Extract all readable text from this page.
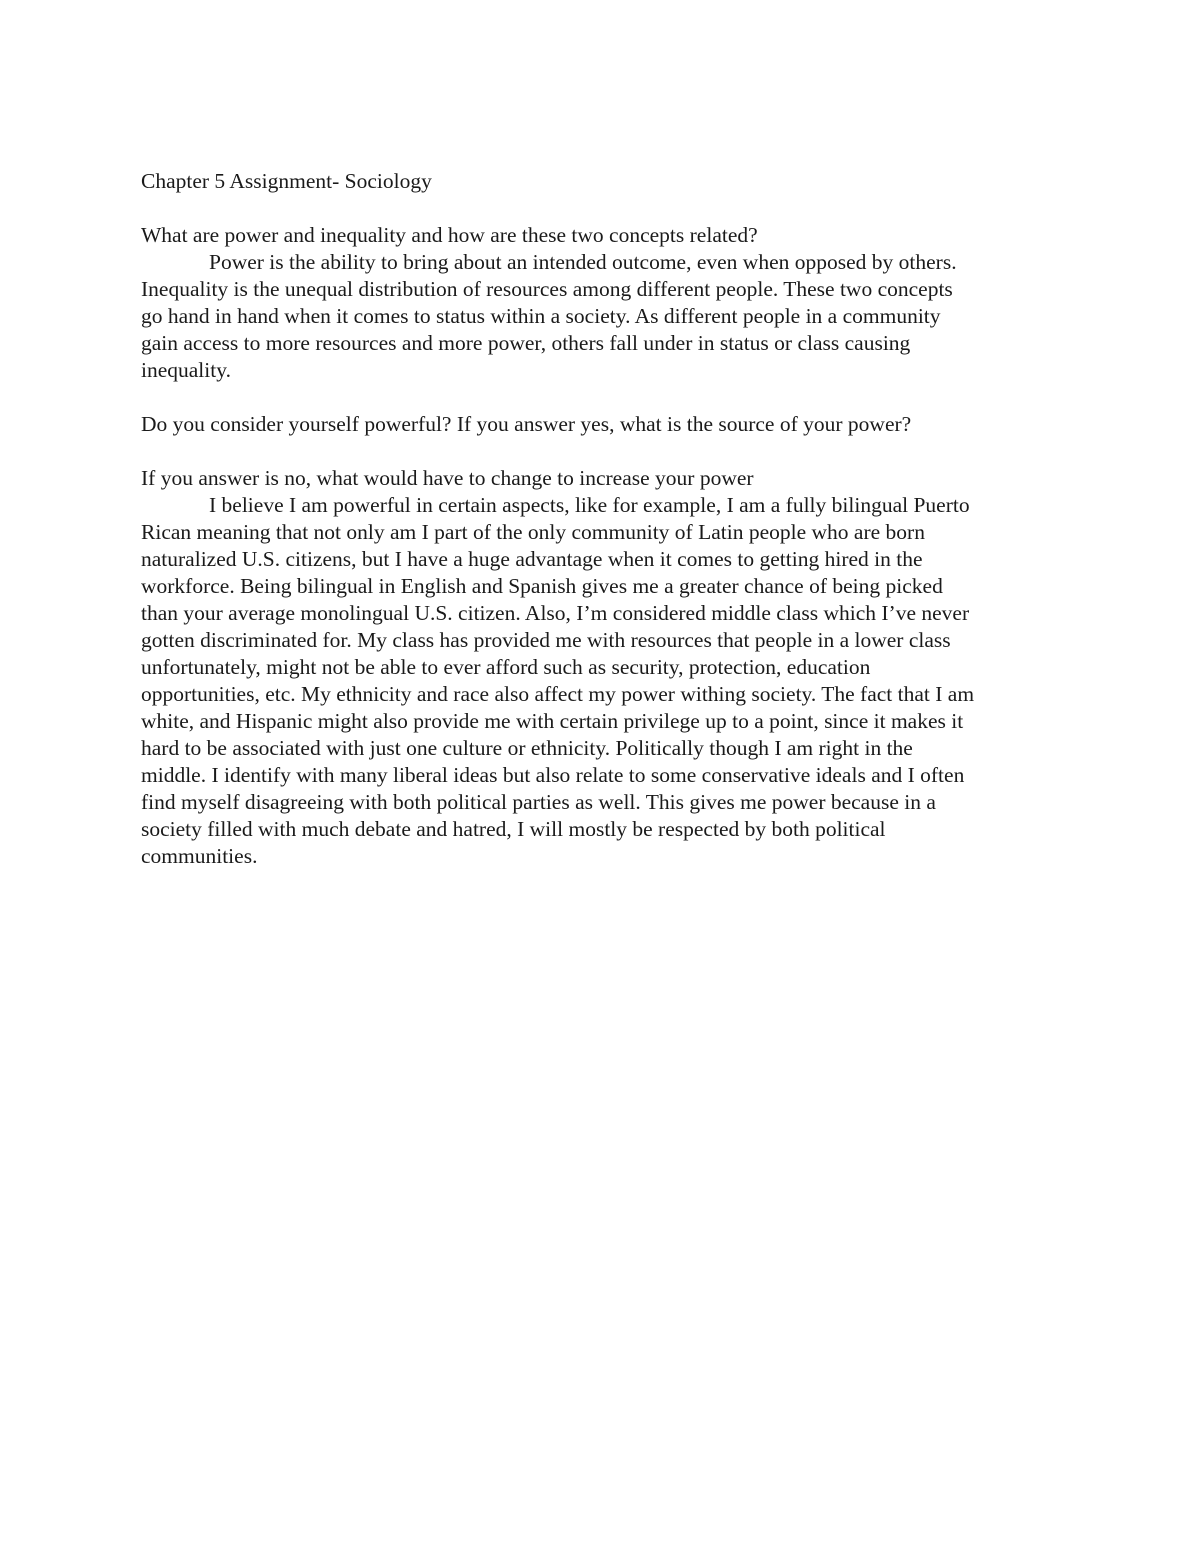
Chapter 5 Assignment- Sociology

What are power and inequality and how are these two concepts related?

Power is the ability to bring about an intended outcome, even when opposed by others.

Inequality is the unequal distribution of resources among different people. These two concepts

go hand in hand when it comes to status within a society. As different people in a community

gain access to more resources and more power, others fall under in status or class causing

inequality.

Do you consider yourself powerful? If you answer yes, what is the source of your power?

If you answer is no, what would have to change to increase your power

I believe I am powerful in certain aspects, like for example, I am a fully bilingual Puerto

Rican meaning that not only am I part of the only community of Latin people who are born

naturalized U.S. citizens, but I have a huge advantage when it comes to getting hired in the

workforce. Being bilingual in English and Spanish gives me a greater chance of being picked

than your average monolingual U.S. citizen. Also, I’m considered middle class which I’ve never

gotten discriminated for. My class has provided me with resources that people in a lower class

unfortunately, might not be able to ever afford such as security, protection, education

opportunities, etc. My ethnicity and race also affect my power withing society. The fact that I am

white, and Hispanic might also provide me with certain privilege up to a point, since it makes it

hard to be associated with just one culture or ethnicity. Politically though I am right in the

middle. I identify with many liberal ideas but also relate to some conservative ideals and I often

find myself disagreeing with both political parties as well. This gives me power because in a

society filled with much debate and hatred, I will mostly be respected by both political

communities.
